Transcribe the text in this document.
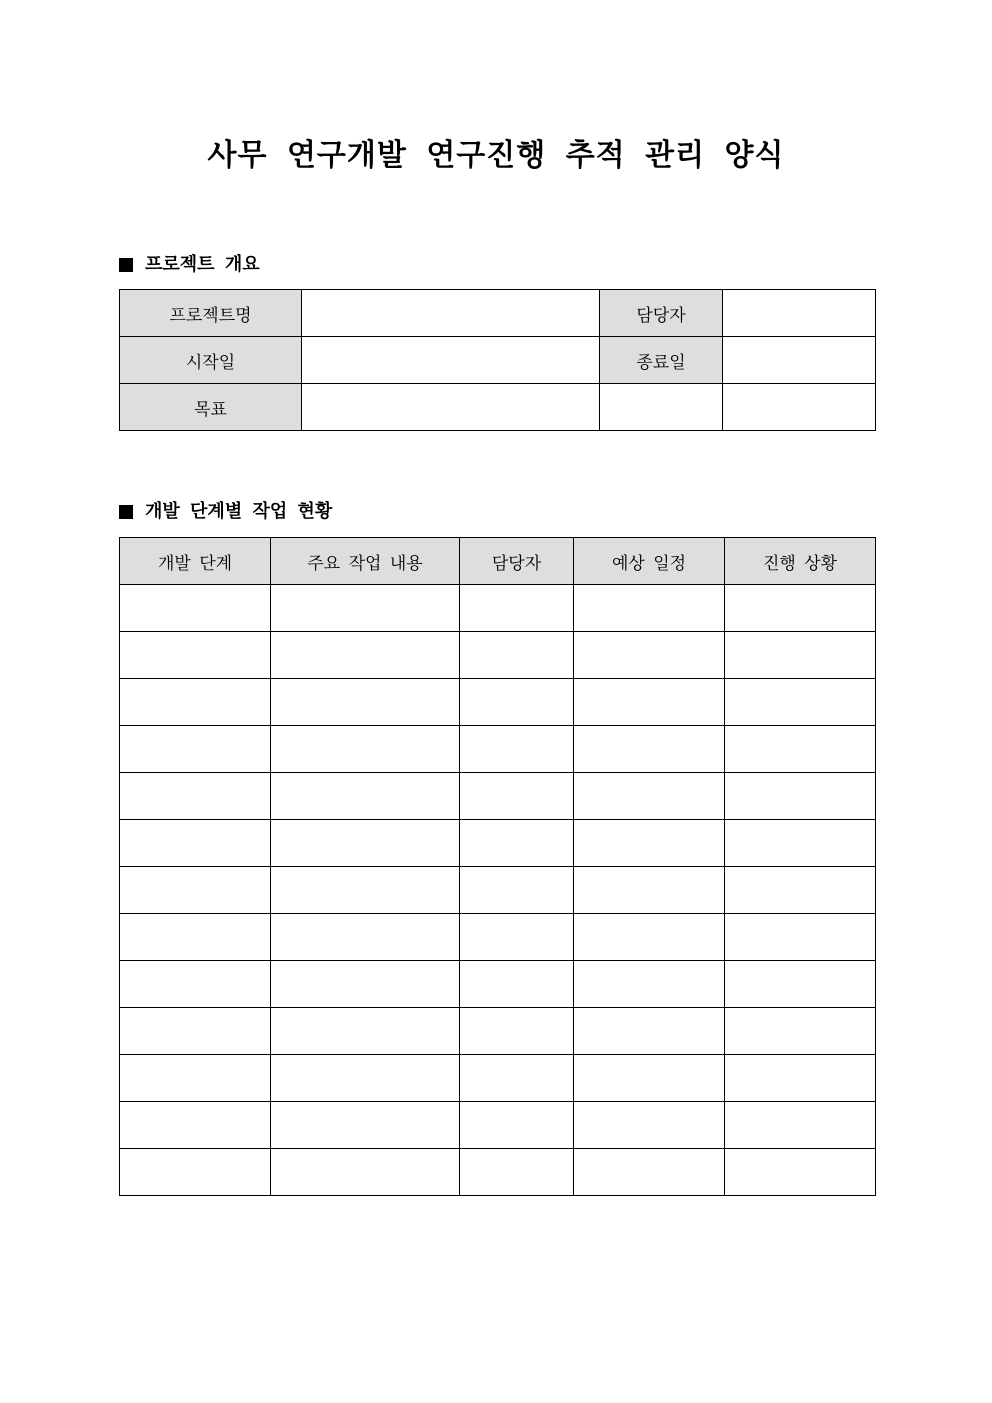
사무 연구개발 연구진행 추적 관리 양식
프로젝트 개요
프로젝트명		담당자	
시작일		종료일	
목표			
개발 단계별 작업 현황
개발 단계	주요 작업 내용	담당자	예상 일정	진행 상황
